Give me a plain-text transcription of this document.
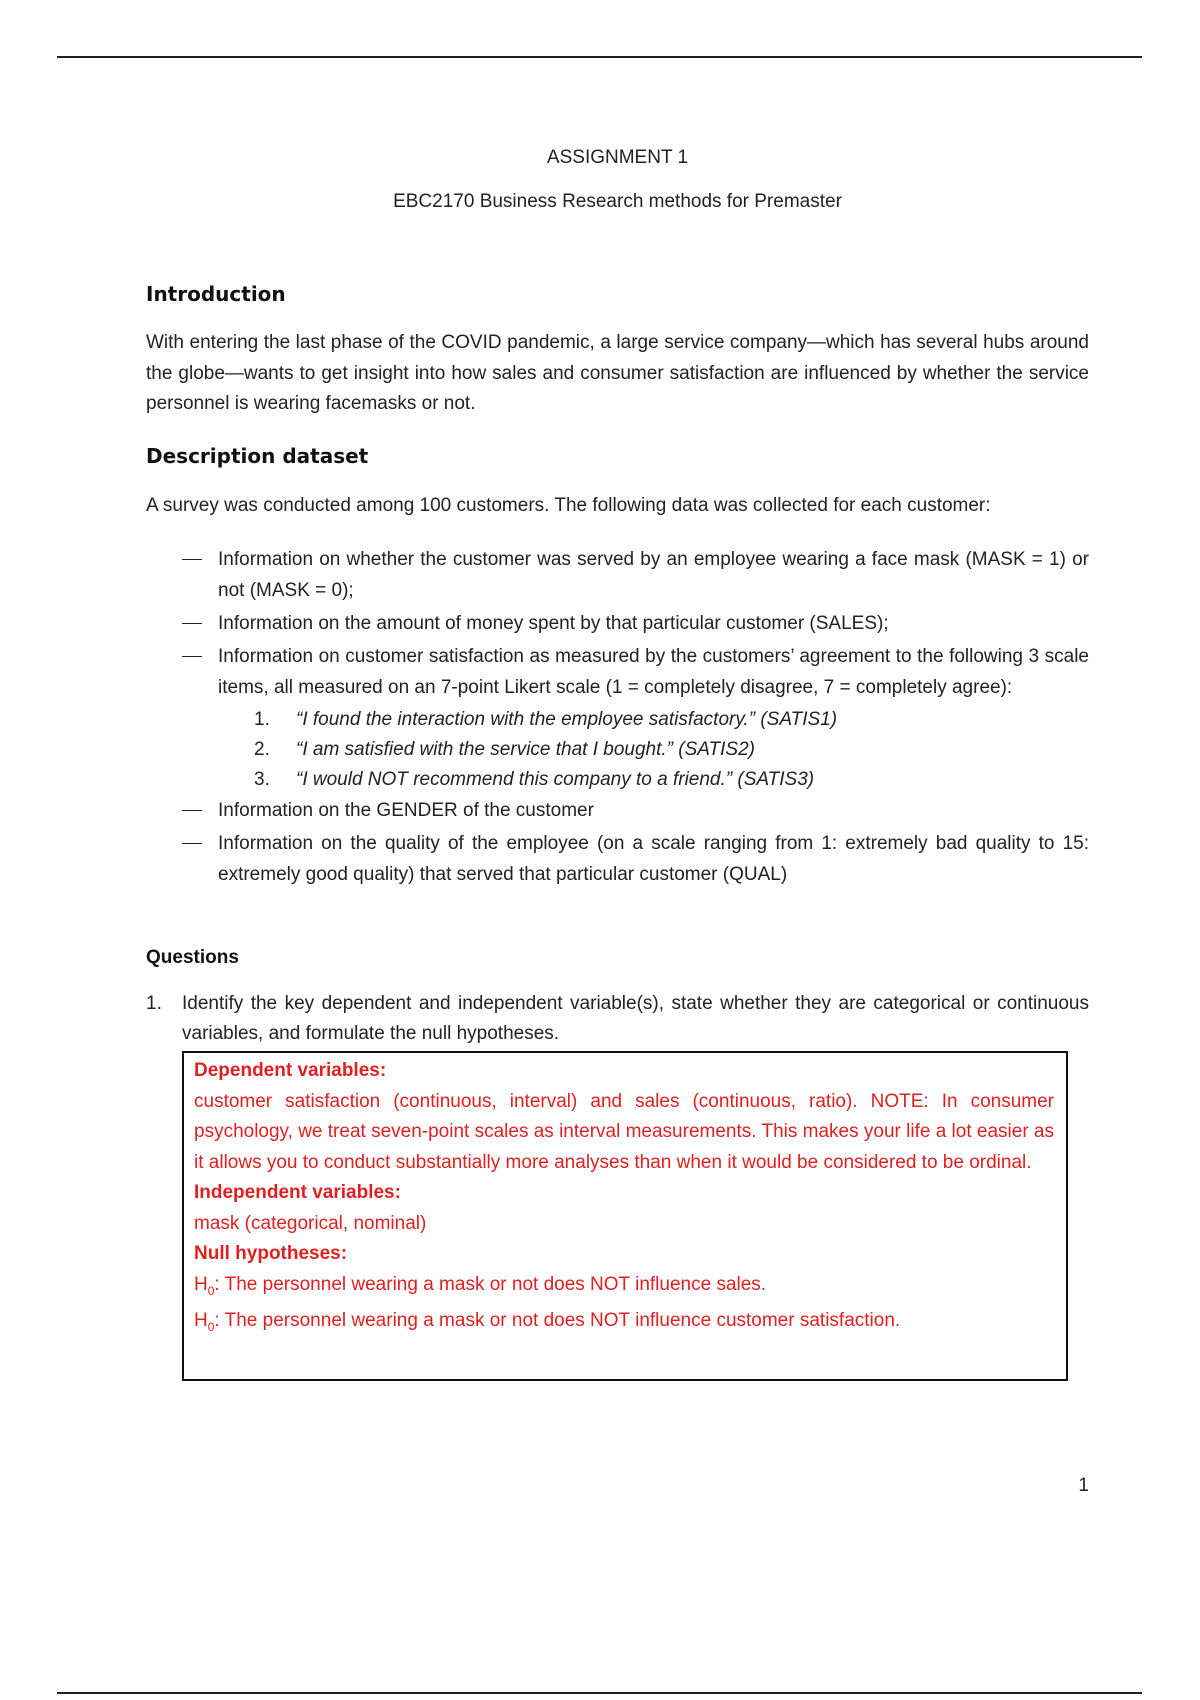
ASSIGNMENT 1
EBC2170 Business Research methods for Premaster
Introduction

With entering the last phase of the COVID pandemic, a large service company—which has several hubs around the globe—wants to get insight into how sales and consumer satisfaction are influenced by whether the service personnel is wearing facemasks or not.

Description dataset

A survey was conducted among 100 customers. The following data was collected for each customer:

Information on whether the customer was served by an employee wearing a face mask (MASK = 1) or not (MASK = 0);
Information on the amount of money spent by that particular customer (SALES);
Information on customer satisfaction as measured by the customers’ agreement to the following 3 scale items, all measured on an 7-point Likert scale (1 = completely disagree, 7 = completely agree):
1. “I found the interaction with the employee satisfactory.” (SATIS1)
2. “I am satisfied with the service that I bought.” (SATIS2)
3. “I would NOT recommend this company to a friend.” (SATIS3)
Information on the GENDER of the customer
Information on the quality of the employee (on a scale ranging from 1: extremely bad quality to 15: extremely good quality) that served that particular customer (QUAL)
Questions
1.	Identify the key dependent and independent variable(s), state whether they are categorical or continuous variables, and formulate the null hypotheses.
Dependent variables:
customer satisfaction (continuous, interval) and sales (continuous, ratio). NOTE: In consumer psychology, we treat seven-point scales as interval measurements. This makes your life a lot easier as it allows you to conduct substantially more analyses than when it would be considered to be ordinal.
Independent variables:
mask (categorical, nominal)
Null hypotheses:
$H_0$: The personnel wearing a mask or not does NOT influence sales.
$H_0$: The personnel wearing a mask or not does NOT influence customer satisfaction.
1
